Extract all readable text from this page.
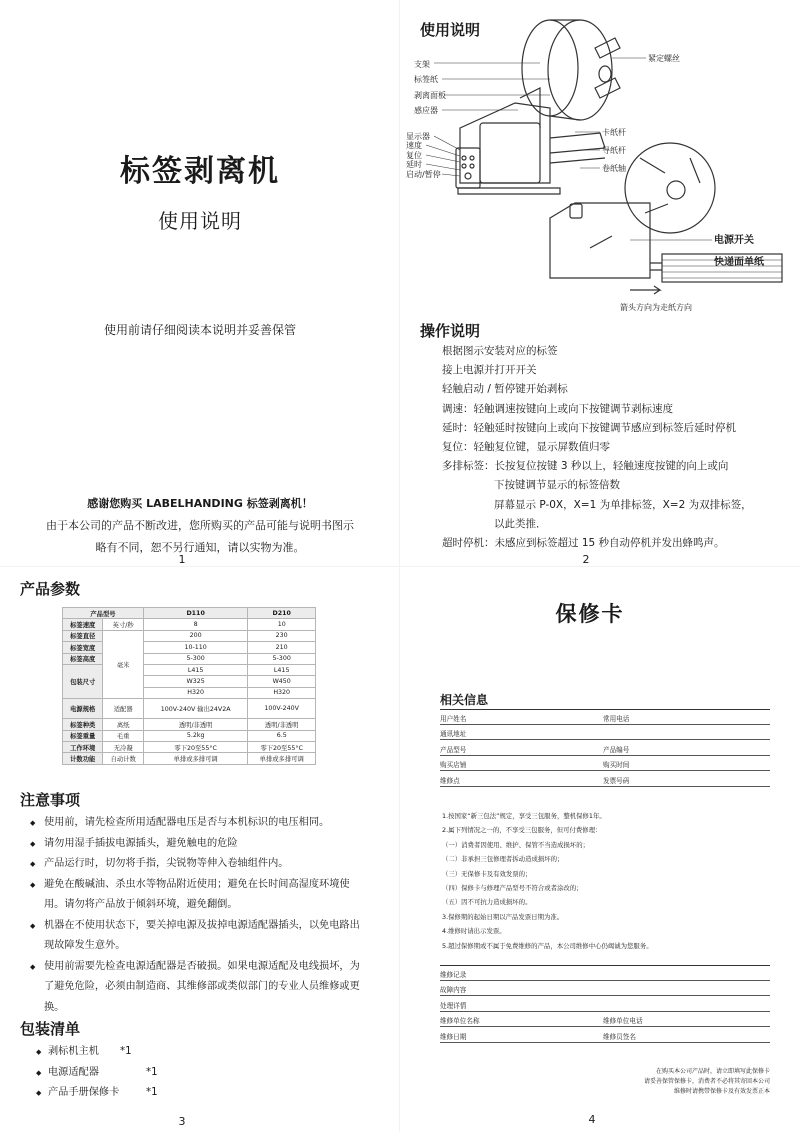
标签剥离机
使用说明
使用前请仔细阅读本说明并妥善保管
感谢您购买 LABELHANDING 标签剥离机！
由于本公司的产品不断改进，您所购买的产品可能与说明书图示
略有不同，恕不另行通知，请以实物为准。
1
使用说明
支架
标签纸
剥离面板
感应器
显示器
速度
复位
延时
启动/暂停
紧定螺丝
卡纸杆
导纸杆
卷纸轴
电源开关
快递面单纸
箭头方向为走纸方向
操作说明
根据图示安装对应的标签
接上电源并打开开关
轻触启动 / 暂停键开始剥标
调速：轻触调速按键向上或向下按键调节剥标速度
延时：轻触延时按键向上或向下按键调节感应到标签后延时停机
复位：轻触复位键，显示屏数值归零
多排标签：长按复位按键 3 秒以上，轻触速度按键的向上或向
下按键调节显示的标签倍数
屏幕显示 P-0X，X=1 为单排标签，X=2 为双排标签，
以此类推．
超时停机：未感应到标签超过 15 秒自动停机并发出蜂鸣声。
2
产品参数
产品型号		D110	D210
标签速度	英寸/秒	8	10
标签直径	毫米	200	230
标签宽度		10-110	210
标签高度		5-300	5-300
包装尺寸		L415	L415
		W325	W450
		H320	H320
电源规格	适配器	100V-240V 输出24V2A	100V-240V
标签种类	离纸	透明/非透明	透明/非透明
标签重量	毛重	5.2kg	6.5
工作环境	无冷凝	零下20至55°C	零下20至55°C
计数功能	自动计数	单排或多排可调	单排或多排可调
注意事项
◆ 使用前，请先检查所用适配器电压是否与本机标识的电压相同。
◆ 请勿用湿手插拔电源插头，避免触电的危险
◆ 产品运行时，切勿将手指，尖锐物等伸入卷轴组件内。
◆ 避免在酸碱油、杀虫水等物品附近使用；避免在长时间高湿度环境使用。请勿将产品放于倾斜环境，避免翻倒。
◆ 机器在不使用状态下，要关掉电源及拔掉电源适配器插头，以免电路出现故障发生意外。
◆ 使用前需要先检查电源适配器是否破损。如果电源适配及电线损坏，为了避免危险，必须由制造商、其维修部或类似部门的专业人员维修或更换。
包装清单
◆ 剥标机主机	*1
◆ 电源适配器	*1
◆ 产品手册保修卡	*1
3
保修卡
相关信息
用户姓名	常用电话
通讯地址
产品型号	产品编号
购买店铺	购买时间
维修点	发票号码
1.按国家“新三包法”规定，享受三包服务，整机保修1年。
2.属下列情况之一的，不享受三包服务，但可付费修理：
（一）消费者因使用、维护、保管不当造成损坏的；
（二）非承担三包修理者拆动造成损坏的；
（三）无保修卡及有效发票的；
（四）保修卡与修理产品型号不符合或者涂改的；
（五）因不可抗力造成损坏的。
3.保修期的起始日期以产品发票日期为准。
4.维修时请出示发票。
5.超过保修期或不属于免费维修的产品，本公司维修中心仍竭诚为您服务。
维修记录
故障内容
处理详情
维修单位名称	维修单位电话
维修日期	维修员签名
在购买本公司产品时，请立即填写此保修卡
请妥善保管保修卡，消费者不必将其寄回本公司
维修时请携带保修卡及有效发票正本
4
